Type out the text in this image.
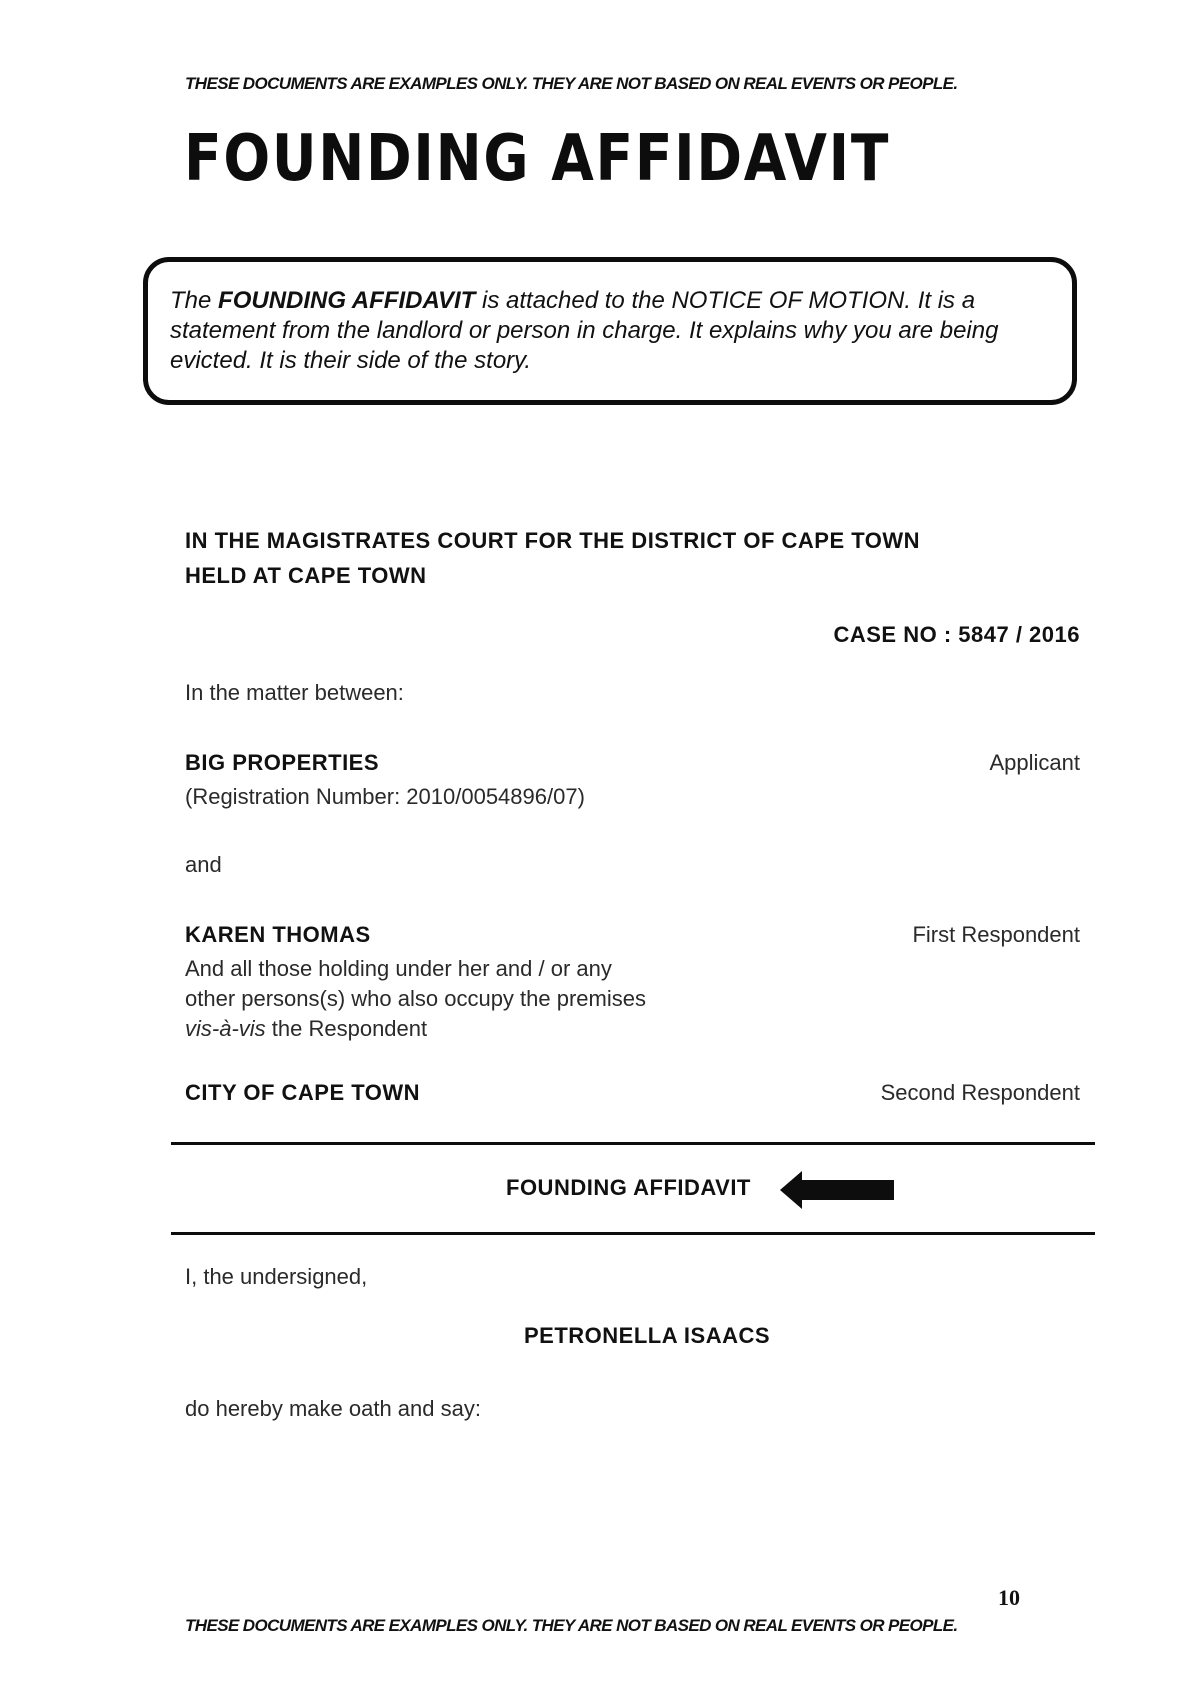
THESE DOCUMENTS ARE EXAMPLES ONLY. THEY ARE NOT BASED ON REAL EVENTS OR PEOPLE.
FOUNDING AFFIDAVIT

The FOUNDING AFFIDAVIT is attached to the NOTICE OF MOTION. It is a statement from the landlord or person in charge. It explains why you are being evicted. It is their side of the story.

IN THE MAGISTRATES COURT FOR THE DISTRICT OF CAPE TOWN
HELD AT CAPE TOWN
CASE NO : 5847 / 2016
In the matter between:
BIG PROPERTIES	Applicant
(Registration Number: 2010/0054896/07)
and
KAREN THOMAS	First Respondent
And all those holding under her and / or any
other persons(s) who also occupy the premises
vis-à-vis the Respondent
CITY OF CAPE TOWN	Second Respondent
FOUNDING AFFIDAVIT
I, the undersigned,
PETRONELLA ISAACS
do hereby make oath and say:
10
THESE DOCUMENTS ARE EXAMPLES ONLY. THEY ARE NOT BASED ON REAL EVENTS OR PEOPLE.
